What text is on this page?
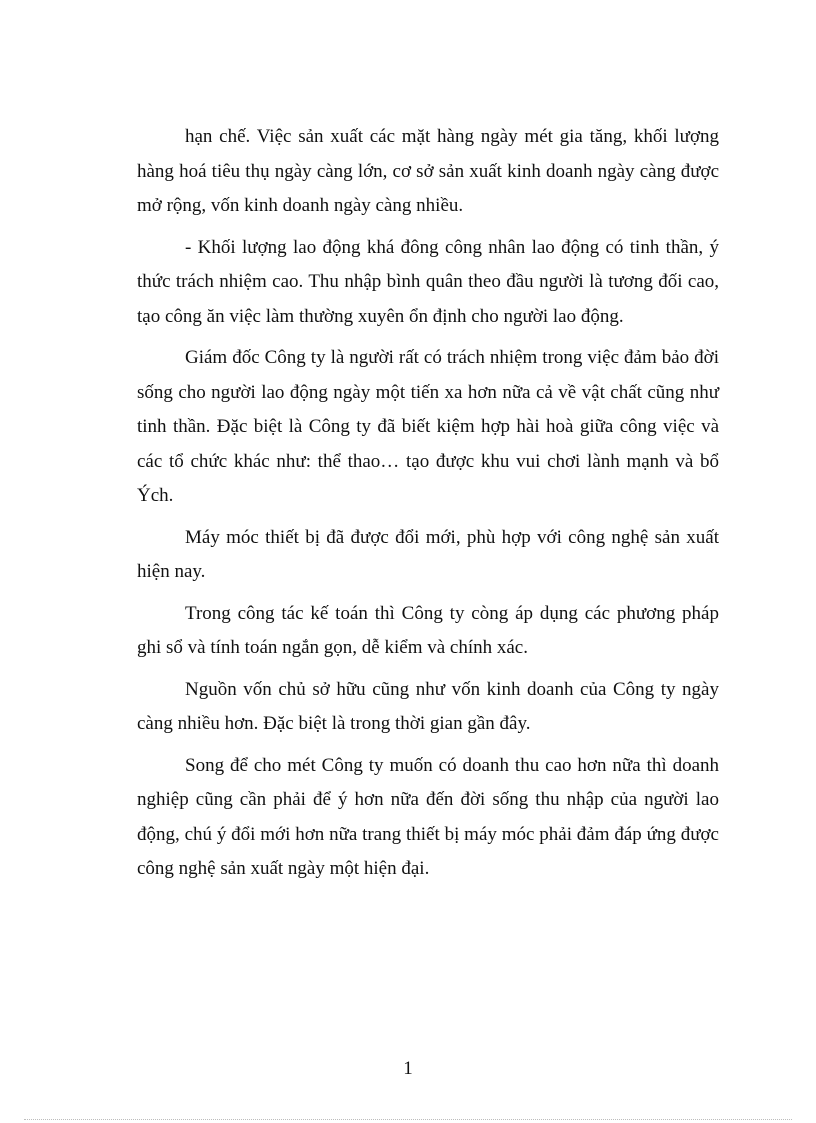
hạn chế. Việc sản xuất các mặt hàng ngày mét gia tăng, khối lượng hàng hoá tiêu thụ ngày càng lớn, cơ sở sản xuất kinh doanh ngày càng được mở rộng, vốn kinh doanh ngày càng nhiều.

- Khối lượng lao động khá đông công nhân lao động có tinh thần, ý thức trách nhiệm cao. Thu nhập bình quân theo đầu người là tương đối cao, tạo công ăn việc làm thường xuyên ổn định cho người lao động.

Giám đốc Công ty là người rất có trách nhiệm trong việc đảm bảo đời sống cho người lao động ngày một tiến xa hơn nữa cả về vật chất cũng như tinh thần. Đặc biệt là Công ty đã biết kiệm hợp hài hoà giữa công việc và các tổ chức khác như: thể thao… tạo được khu vui chơi lành mạnh và bổ Ých.

Máy móc thiết bị đã được đổi mới, phù hợp với công nghệ sản xuất hiện nay.

Trong công tác kế toán thì Công ty còng áp dụng các phương pháp ghi sổ và tính toán ngắn gọn, dễ kiểm và chính xác.

Nguồn vốn chủ sở hữu cũng như vốn kinh doanh của Công ty ngày càng nhiều hơn. Đặc biệt là trong thời gian gần đây.

Song để cho mét Công ty muốn có doanh thu cao hơn nữa thì doanh nghiệp cũng cần phải để ý hơn nữa đến đời sống thu nhập của người lao động, chú ý đổi mới hơn nữa trang thiết bị máy móc phải đảm đáp ứng được công nghệ sản xuất ngày một hiện đại.

1
